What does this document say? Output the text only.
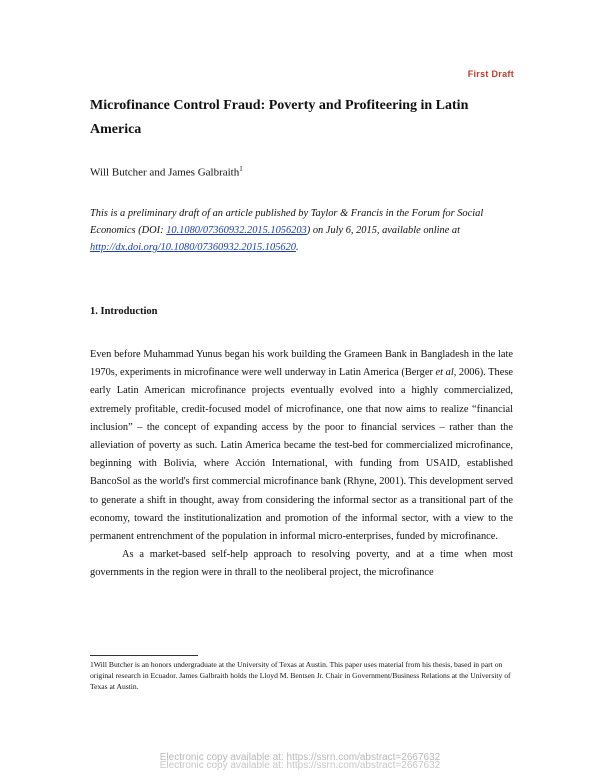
First Draft
Microfinance Control Fraud: Poverty and Profiteering in Latin America
Will Butcher and James Galbraith$^1$
This is a preliminary draft of an article published by Taylor & Francis in the Forum for Social Economics (DOI: 10.1080/07360932.2015.1056203) on July 6, 2015, available online at http://dx.doi.org/10.1080/07360932.2015.105620.
1. Introduction

Even before Muhammad Yunus began his work building the Grameen Bank in Bangladesh in the late 1970s, experiments in microfinance were well underway in Latin America (Berger et al, 2006). These early Latin American microfinance projects eventually evolved into a highly commercialized, extremely profitable, credit-focused model of microfinance, one that now aims to realize “financial inclusion” – the concept of expanding access by the poor to financial services – rather than the alleviation of poverty as such. Latin America became the test-bed for commercialized microfinance, beginning with Bolivia, where Acción International, with funding from USAID, established BancoSol as the world's first commercial microfinance bank (Rhyne, 2001). This development served to generate a shift in thought, away from considering the informal sector as a transitional part of the economy, toward the institutionalization and promotion of the informal sector, with a view to the permanent entrenchment of the population in informal micro-enterprises, funded by microfinance.

As a market-based self-help approach to resolving poverty, and at a time when most governments in the region were in thrall to the neoliberal project, the microfinance

1Will Butcher is an honors undergraduate at the University of Texas at Austin. This paper uses material from his thesis, based in part on original research in Ecuador. James Galbraith holds the Lloyd M. Bentsen Jr. Chair in Government/Business Relations at the University of Texas at Austin.
Electronic copy available at: https://ssrn.com/abstract=2667632
Electronic copy available at: https://ssrn.com/abstract=2667632
